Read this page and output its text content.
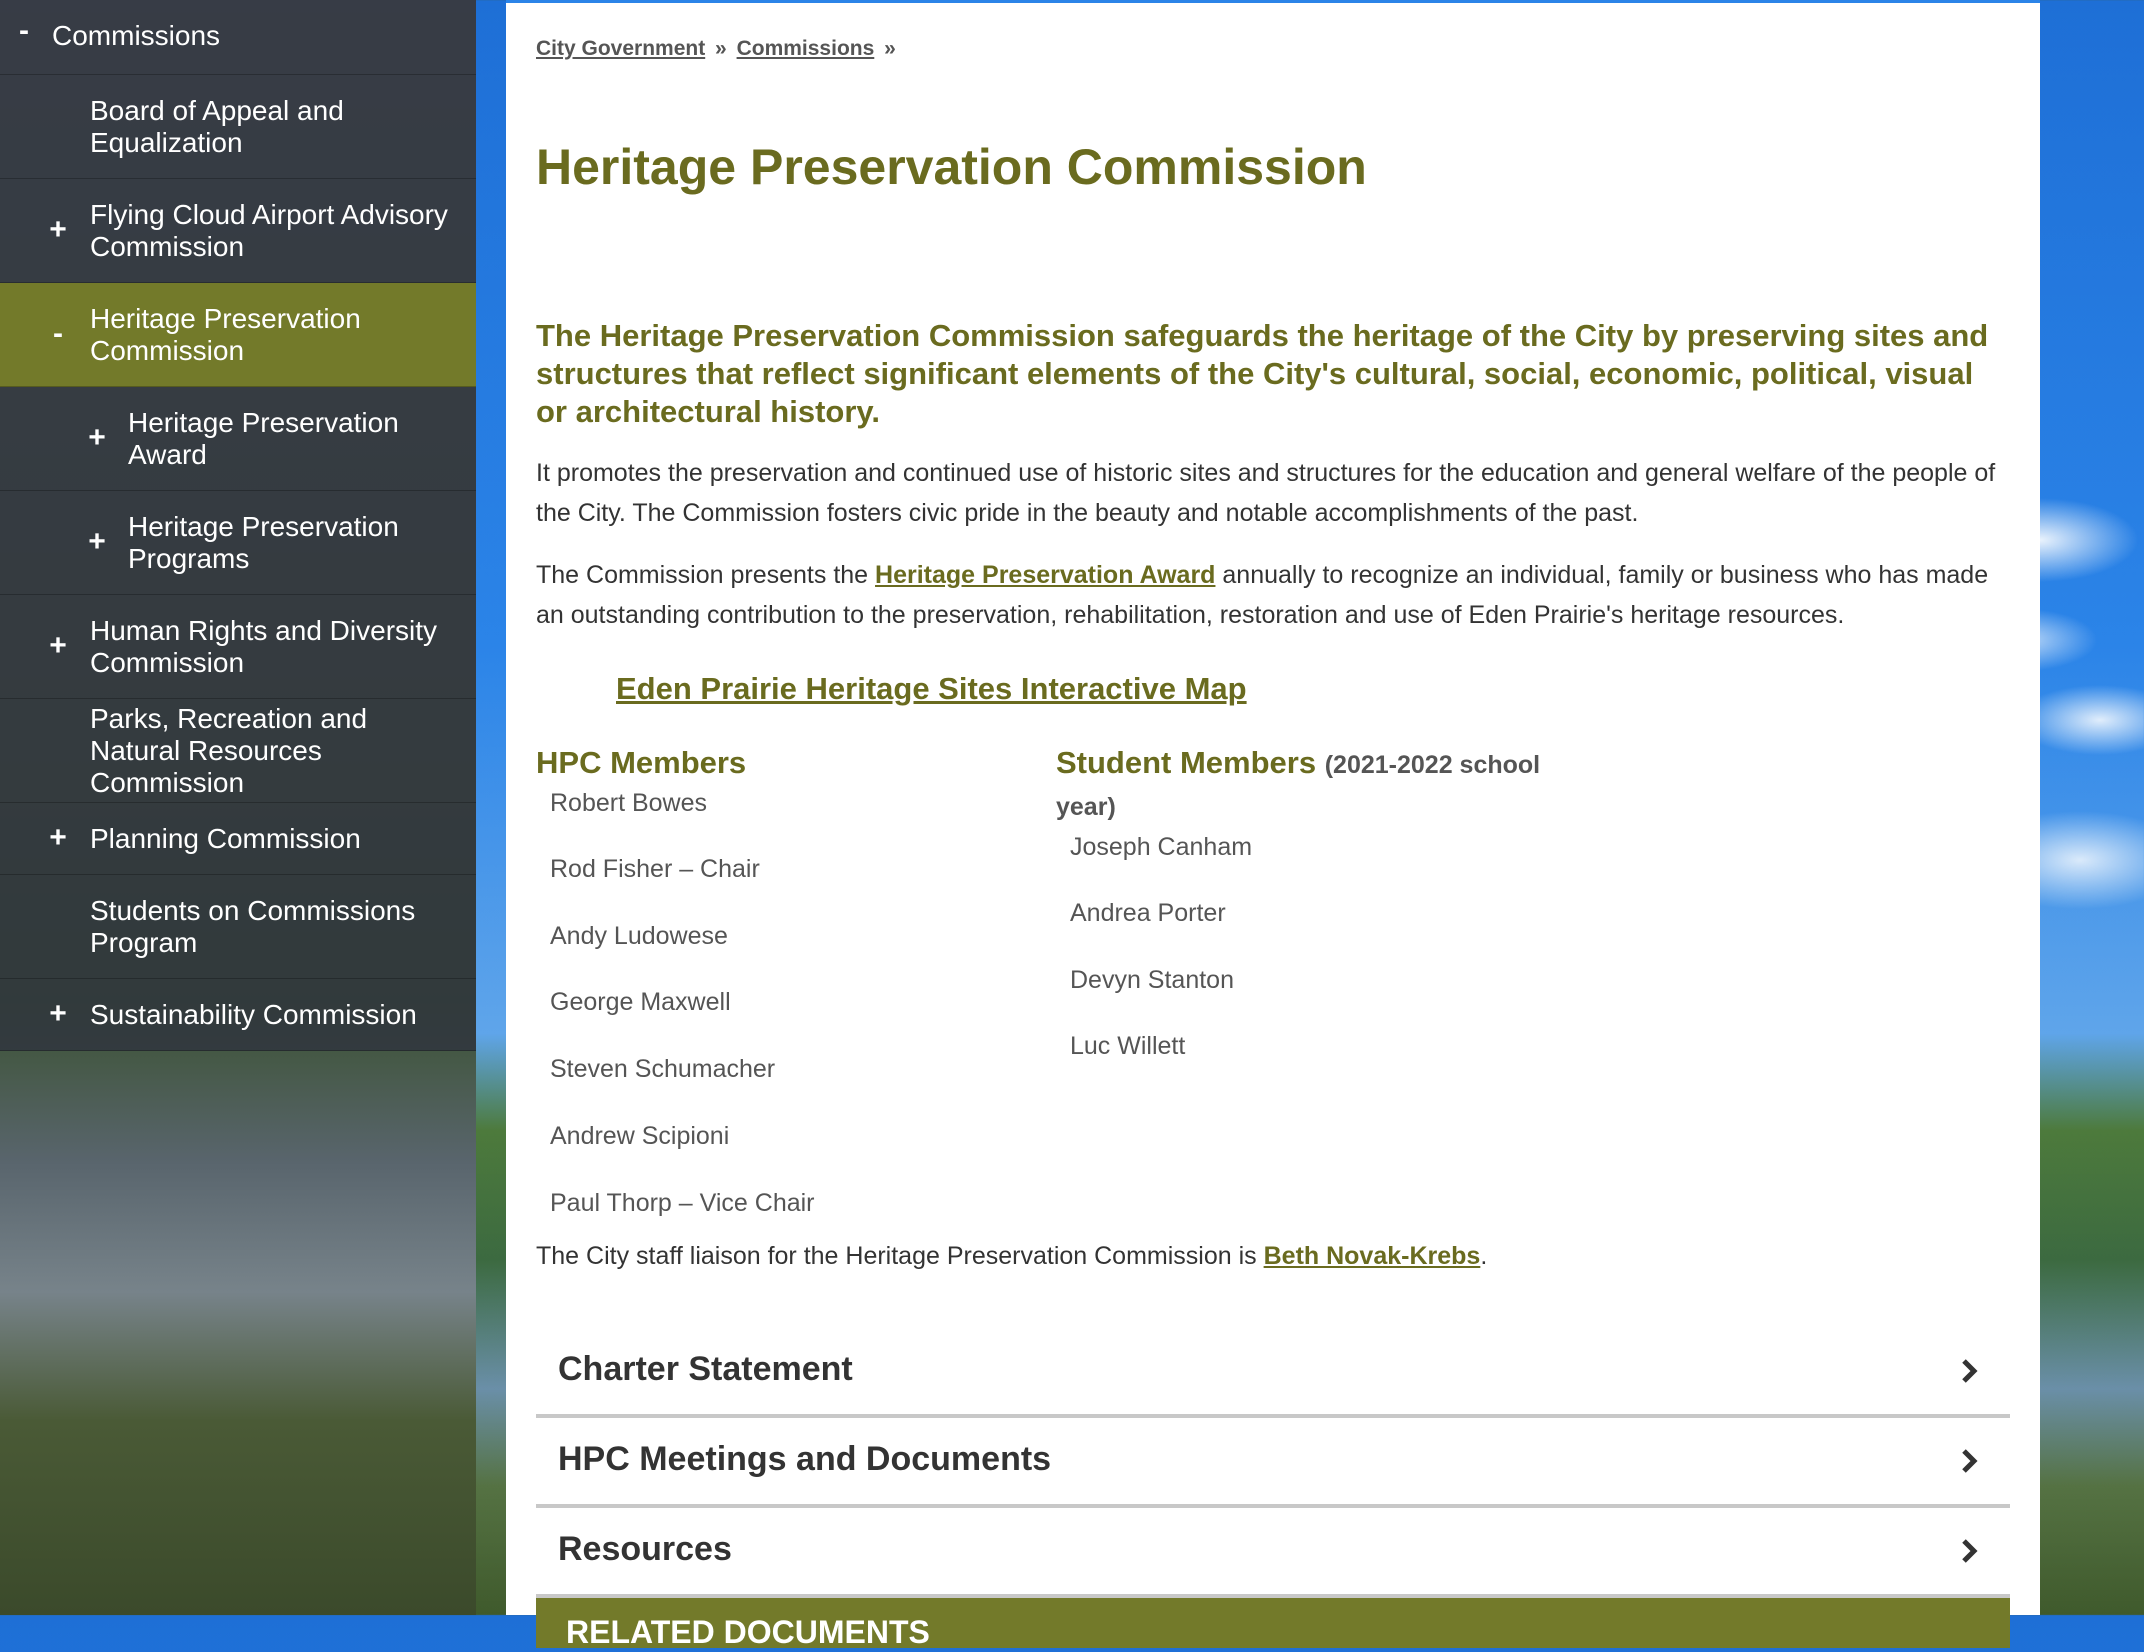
- Commissions
Board of Appeal and Equalization
+ Flying Cloud Airport Advisory Commission
- Heritage Preservation Commission
+ Heritage Preservation Award
+ Heritage Preservation Programs
+ Human Rights and Diversity Commission
Parks, Recreation and Natural Resources Commission
+ Planning Commission
Students on Commissions Program
+ Sustainability Commission
City Government » Commissions »
Heritage Preservation Commission

The Heritage Preservation Commission safeguards the heritage of the City by preserving sites and structures that reflect significant elements of the City's cultural, social, economic, political, visual or architectural history.

It promotes the preservation and continued use of historic sites and structures for the education and general welfare of the people of the City. The Commission fosters civic pride in the beauty and notable accomplishments of the past.

The Commission presents the Heritage Preservation Award annually to recognize an individual, family or business who has made an outstanding contribution to the preservation, rehabilitation, restoration and use of Eden Prairie's heritage resources.

Eden Prairie Heritage Sites Interactive Map
HPC Members
Robert Bowes
Rod Fisher – Chair
Andy Ludowese
George Maxwell
Steven Schumacher
Andrew Scipioni
Paul Thorp – Vice Chair
Student Members (2021-2022 school year)
Joseph Canham
Andrea Porter
Devyn Stanton
Luc Willett

The City staff liaison for the Heritage Preservation Commission is Beth Novak-Krebs.

Charter Statement
HPC Meetings and Documents
Resources
RELATED DOCUMENTS
